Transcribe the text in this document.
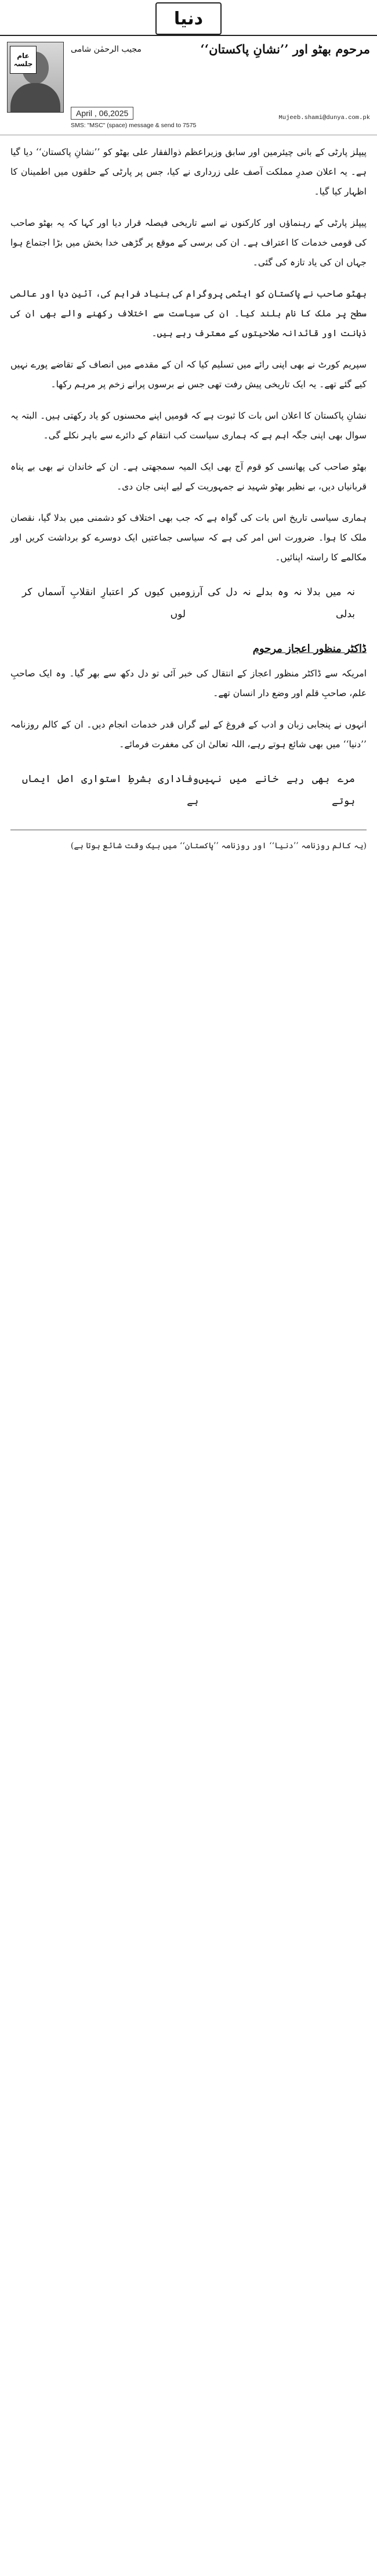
دنیا
عام
جلسہ
مجیب الرحمٰن شامی	مرحوم بھٹو اور ’’نشانِ پاکستان‘‘
April , 06,2025
SMS: "MSC" (space) message & send to 7575
Mujeeb.shami@dunya.com.pk

پیپلز پارٹی کے بانی چیئرمین اور سابق وزیراعظم ذوالفقار علی بھٹو کو ’’نشانِ پاکستان‘‘ دیا گیا ہے۔ یہ اعلان صدرِ مملکت آصف علی زرداری نے کیا، جس پر پارٹی کے حلقوں میں اطمینان کا اظہار کیا گیا۔

پیپلز پارٹی کے رہنماؤں اور کارکنوں نے اسے تاریخی فیصلہ قرار دیا اور کہا کہ یہ بھٹو صاحب کی قومی خدمات کا اعتراف ہے۔ ان کی برسی کے موقع پر گڑھی خدا بخش میں بڑا اجتماع ہوا جہاں ان کی یاد تازہ کی گئی۔

بھٹو صاحب نے پاکستان کو ایٹمی پروگرام کی بنیاد فراہم کی، آئین دیا اور عالمی سطح پر ملک کا نام بلند کیا۔ ان کی سیاست سے اختلاف رکھنے والے بھی ان کی ذہانت اور قائدانہ صلاحیتوں کے معترف رہے ہیں۔

سپریم کورٹ نے بھی اپنی رائے میں تسلیم کیا کہ ان کے مقدمے میں انصاف کے تقاضے پورے نہیں کیے گئے تھے۔ یہ ایک تاریخی پیش رفت تھی جس نے برسوں پرانے زخم پر مرہم رکھا۔

نشانِ پاکستان کا اعلان اس بات کا ثبوت ہے کہ قومیں اپنے محسنوں کو یاد رکھتی ہیں۔ البتہ یہ سوال بھی اپنی جگہ اہم ہے کہ ہماری سیاست کب انتقام کے دائرے سے باہر نکلے گی۔

بھٹو صاحب کی پھانسی کو قوم آج بھی ایک المیہ سمجھتی ہے۔ ان کے خاندان نے بھی بے پناہ قربانیاں دیں، بے نظیر بھٹو شہید نے جمہوریت کے لیے اپنی جان دی۔

ہماری سیاسی تاریخ اس بات کی گواہ ہے کہ جب بھی اختلاف کو دشمنی میں بدلا گیا، نقصان ملک کا ہوا۔ ضرورت اس امر کی ہے کہ سیاسی جماعتیں ایک دوسرے کو برداشت کریں اور مکالمے کا راستہ اپنائیں۔

نہ میں بدلا نہ وہ بدلے نہ دل کی آرزو بدلی
میں کیوں کر اعتبارِ انقلابِ آسماں کر لوں
ڈاکٹر منظور اعجاز مرحوم

امریکہ سے ڈاکٹر منظور اعجاز کے انتقال کی خبر آئی تو دل دکھ سے بھر گیا۔ وہ ایک صاحبِ علم، صاحبِ قلم اور وضع دار انسان تھے۔

انہوں نے پنجابی زبان و ادب کے فروغ کے لیے گراں قدر خدمات انجام دیں۔ ان کے کالم روزنامہ ’’دنیا‘‘ میں بھی شائع ہوتے رہے، اللہ تعالیٰ ان کی مغفرت فرمائے۔

مرے بھی رہے خانے میں نہیں ہوتے
وفاداری بشرطِ استواری اصل ایماں ہے
(یہ کالم روزنامہ ’’دنیا‘‘ اور روزنامہ ’’پاکستان‘‘ میں بیک وقت شائع ہوتا ہے)
